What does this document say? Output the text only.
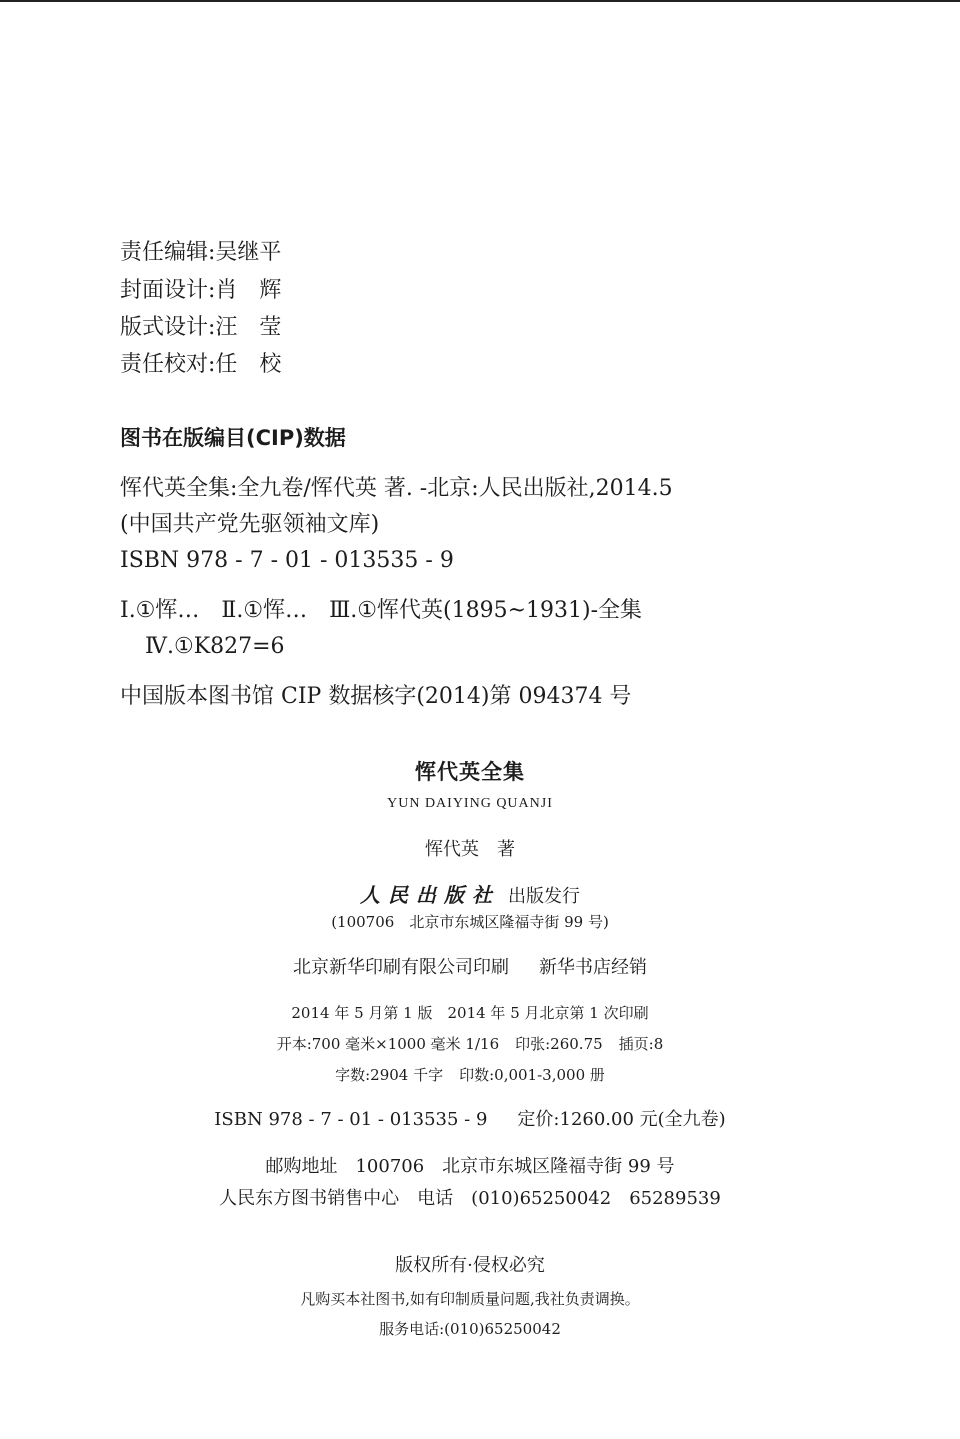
责任编辑:吴继平
封面设计:肖　辉
版式设计:汪　莹
责任校对:任　校
图书在版编目(CIP)数据
恽代英全集:全九卷/恽代英 著. -北京:人民出版社,2014.5
(中国共产党先驱领袖文库)
ISBN 978 - 7 - 01 - 013535 - 9
Ⅰ.①恽…　Ⅱ.①恽…　Ⅲ.①恽代英(1895~1931)-全集
Ⅳ.①K827=6
中国版本图书馆 CIP 数据核字(2014)第 094374 号
恽代英全集
YUN DAIYING QUANJI
恽代英　著
人民出版社 出版发行
(100706　北京市东城区隆福寺街 99 号)
北京新华印刷有限公司印刷 新华书店经销
2014 年 5 月第 1 版　2014 年 5 月北京第 1 次印刷
开本:700 毫米×1000 毫米 1/16 印张:260.75 插页:8
字数:2904 千字 印数:0,001-3,000 册
ISBN 978 - 7 - 01 - 013535 - 9 定价:1260.00 元(全九卷)
邮购地址　100706　北京市东城区隆福寺街 99 号
人民东方图书销售中心　电话　(010)65250042　65289539
版权所有·侵权必究
凡购买本社图书,如有印制质量问题,我社负责调换。
服务电话:(010)65250042
